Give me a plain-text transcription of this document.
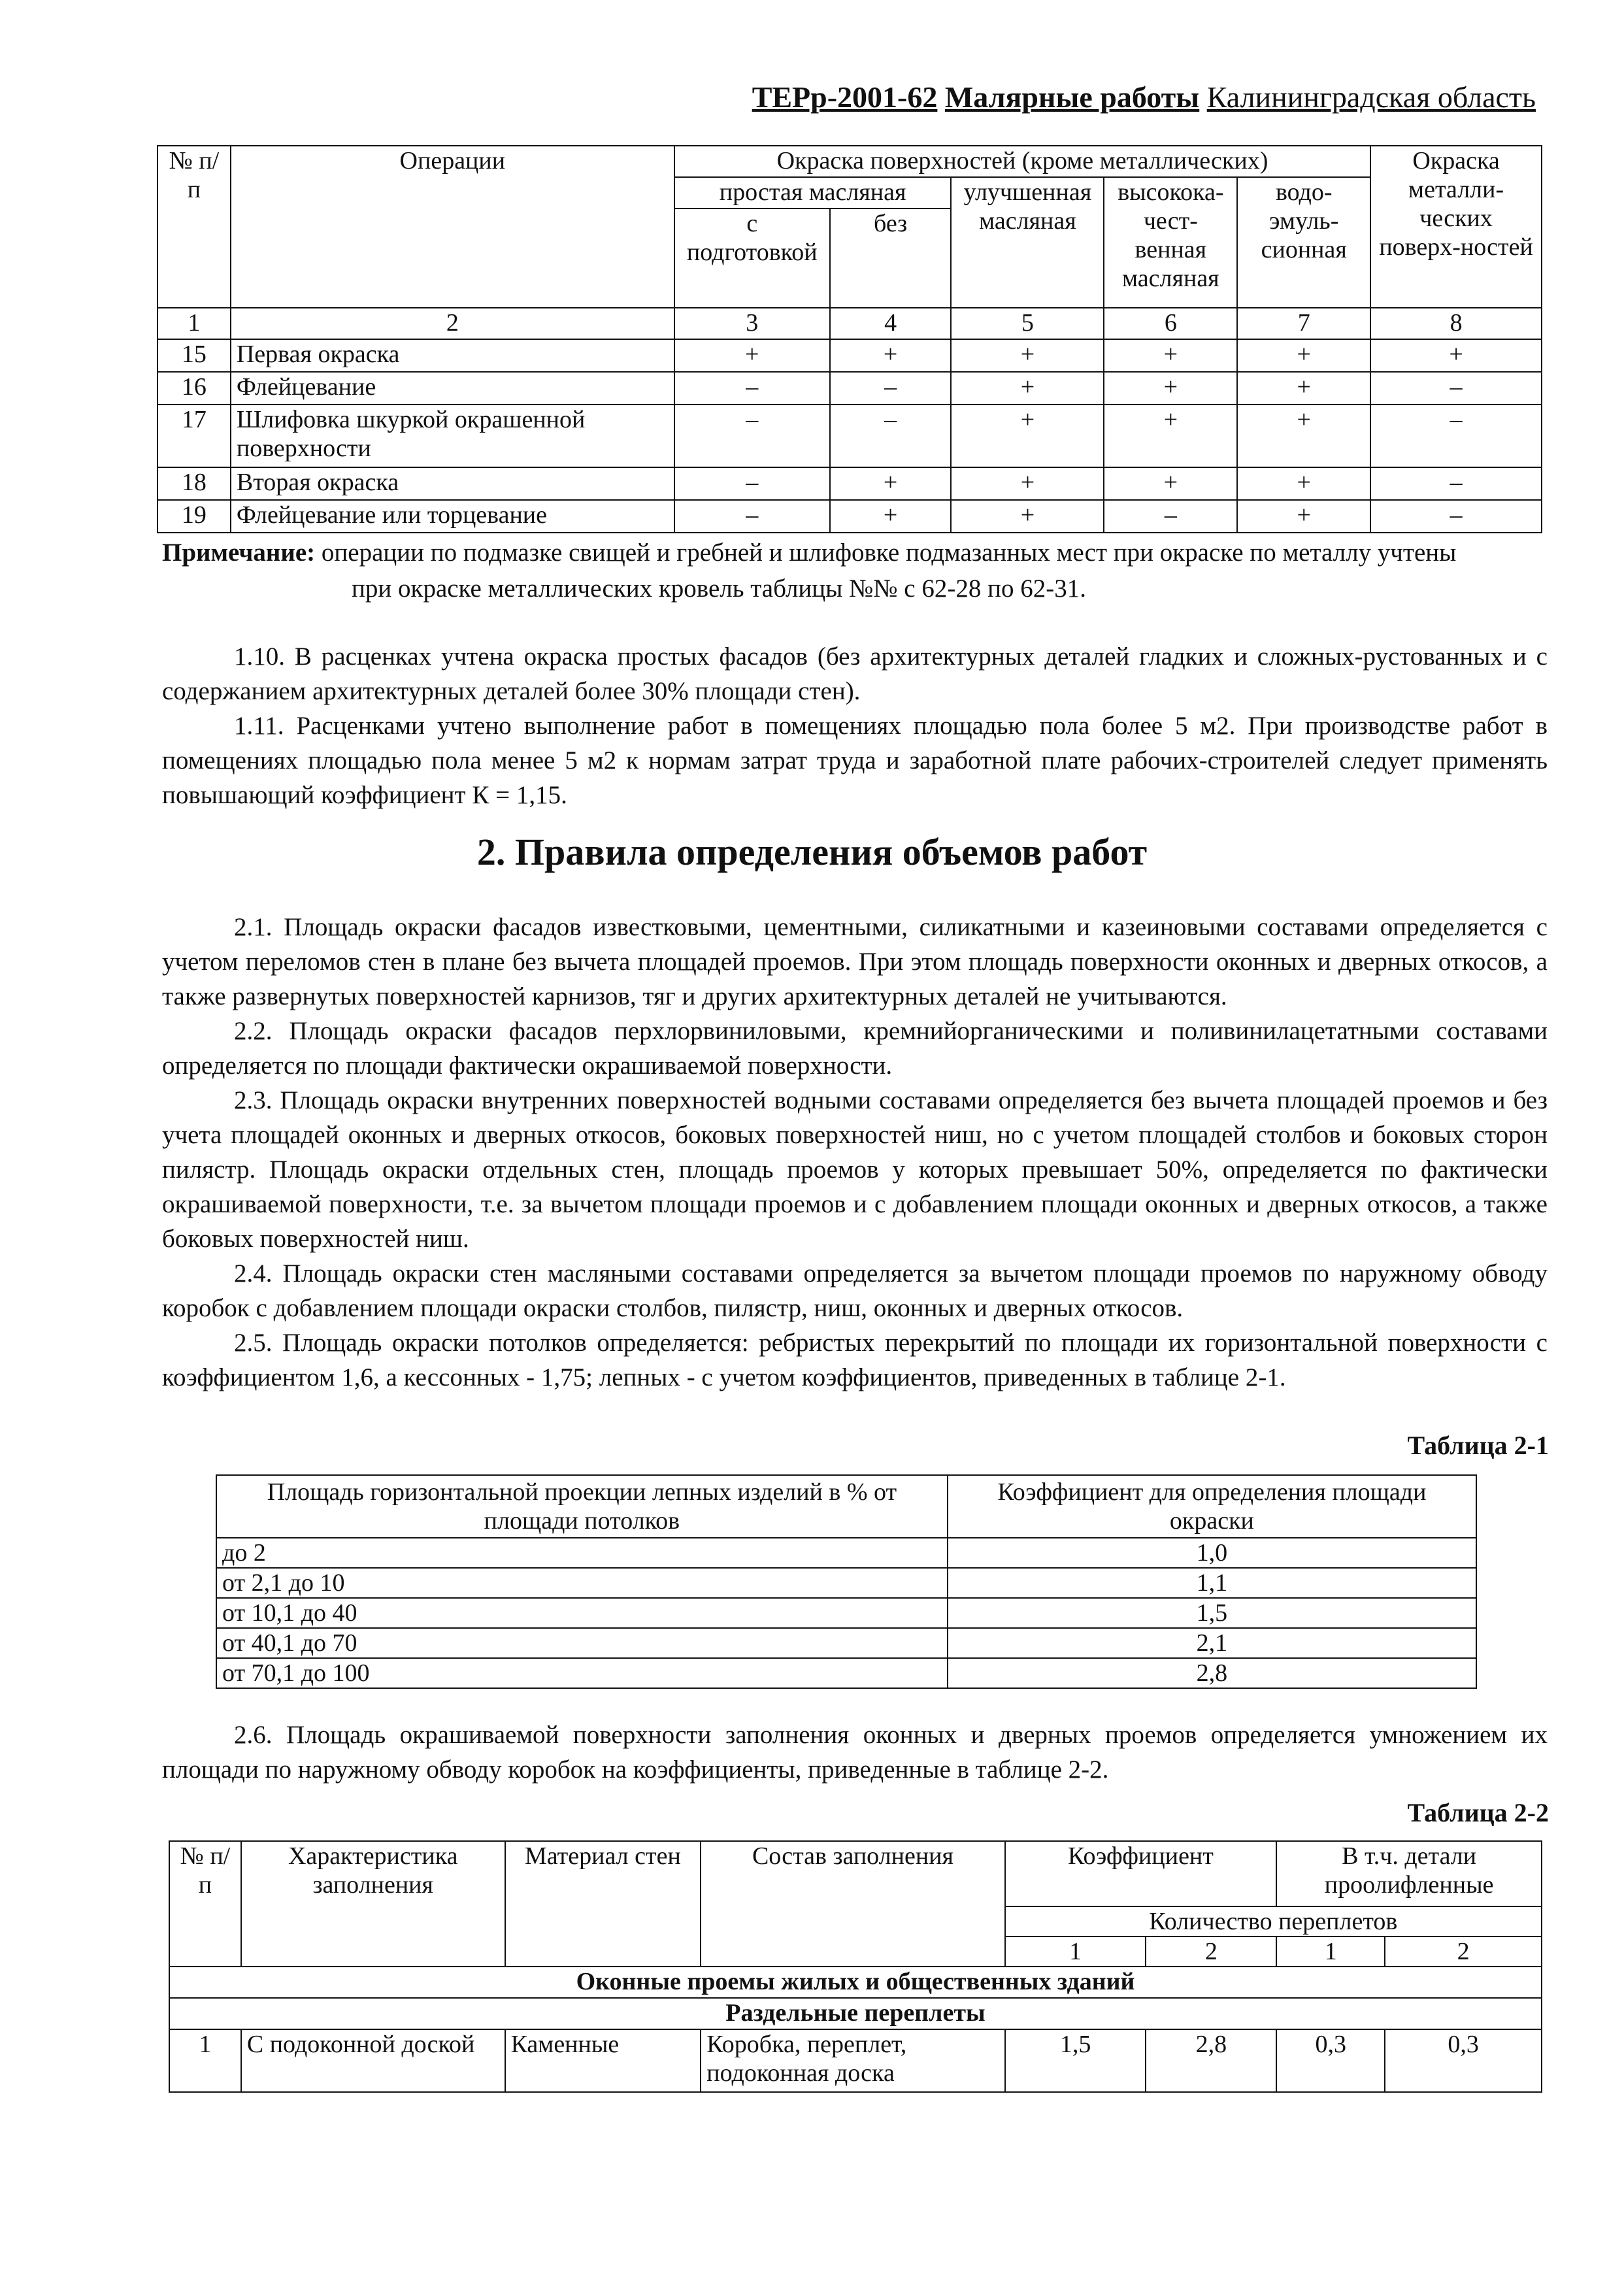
ТЕРр-2001-62 Малярные работы Калининградская область
№ п/п	Операции	Окраска поверхностей (кроме металлических)					Окраска металли-ческих поверх-ностей
		простая масляная		улучшенная масляная	высокока-чест-венная масляная	водо-эмуль-сионная	
		с подготовкой	без				
1	2	3	4	5	6	7	8
15	Первая окраска	+	+	+	+	+	+
16	Флейцевание	–	–	+	+	+	–
17	Шлифовка шкуркой окрашенной поверхности	–	–	+	+	+	–
18	Вторая окраска	–	+	+	+	+	–
19	Флейцевание или торцевание	–	+	+	–	+	–
Примечание: операции по подмазке свищей и гребней и шлифовке подмазанных мест при окраске по металлу учтены
при окраске металлических кровель таблицы №№ с 62-28 по 62-31.

1.10. В расценках учтена окраска простых фасадов (без архитектурных деталей гладких и сложных-рустованных и с содержанием архитектурных деталей более 30% площади стен).

1.11. Расценками учтено выполнение работ в помещениях площадью пола более 5 м2. При производстве работ в помещениях площадью пола менее 5 м2 к нормам затрат труда и заработной плате рабочих-строителей следует применять повышающий коэффициент К = 1,15.

2. Правила определения объемов работ

2.1. Площадь окраски фасадов известковыми, цементными, силикатными и казеиновыми составами определяется с учетом переломов стен в плане без вычета площадей проемов. При этом площадь поверхности оконных и дверных откосов, а также развернутых поверхностей карнизов, тяг и других архитектурных деталей не учитываются.

2.2. Площадь окраски фасадов перхлорвиниловыми, кремнийорганическими и поливинилацетатными составами определяется по площади фактически окрашиваемой поверхности.

2.3. Площадь окраски внутренних поверхностей водными составами определяется без вычета площадей проемов и без учета площадей оконных и дверных откосов, боковых поверхностей ниш, но с учетом площадей столбов и боковых сторон пилястр. Площадь окраски отдельных стен, площадь проемов у которых превышает 50%, определяется по фактически окрашиваемой поверхности, т.е. за вычетом площади проемов и с добавлением площади оконных и дверных откосов, а также боковых поверхностей ниш.

2.4. Площадь окраски стен масляными составами определяется за вычетом площади проемов по наружному обводу коробок с добавлением площади окраски столбов, пилястр, ниш, оконных и дверных откосов.

2.5. Площадь окраски потолков определяется: ребристых перекрытий по площади их горизонтальной поверхности с коэффициентом 1,6, а кессонных - 1,75; лепных - с учетом коэффициентов, приведенных в таблице 2-1.

Таблица 2-1
Площадь горизонтальной проекции лепных изделий в % от площади потолков	Коэффициент для определения площади окраски
до 2	1,0
от 2,1 до 10	1,1
от 10,1 до 40	1,5
от 40,1 до 70	2,1
от 70,1 до 100	2,8

2.6. Площадь окрашиваемой поверхности заполнения оконных и дверных проемов определяется умножением их площади по наружному обводу коробок на коэффициенты, приведенные в таблице 2-2.

Таблица 2-2
№ п/п	Характеристика заполнения	Материал стен	Состав заполнения	Коэффициент		В т.ч. детали проолифленные	
				Количество переплетов			
				1	2	1	2
Оконные проемы жилых и общественных зданий							
Раздельные переплеты							
1	С подоконной доской	Каменные	Коробка, переплет, подоконная доска	1,5	2,8	0,3	0,3
